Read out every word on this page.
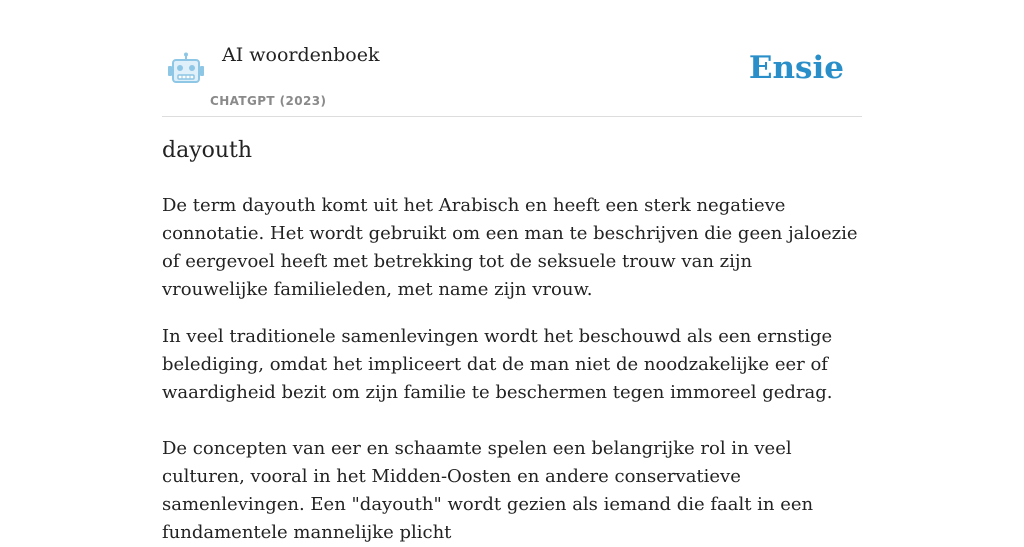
AI woordenboek
CHATGPT (2023)
Ensie
dayouth

De term dayouth komt uit het Arabisch en heeft een sterk negatieve connotatie. Het wordt gebruikt om een man te beschrijven die geen jaloezie of eergevoel heeft met betrekking tot de seksuele trouw van zijn vrouwelijke familieleden, met name zijn vrouw.

In veel traditionele samenlevingen wordt het beschouwd als een ernstige belediging, omdat het impliceert dat de man niet de noodzakelijke eer of waardigheid bezit om zijn familie te beschermen tegen immoreel gedrag.

De concepten van eer en schaamte spelen een belangrijke rol in veel culturen, vooral in het Midden-Oosten en andere conservatieve samenlevingen. Een "dayouth" wordt gezien als iemand die faalt in een fundamentele mannelijke plicht
